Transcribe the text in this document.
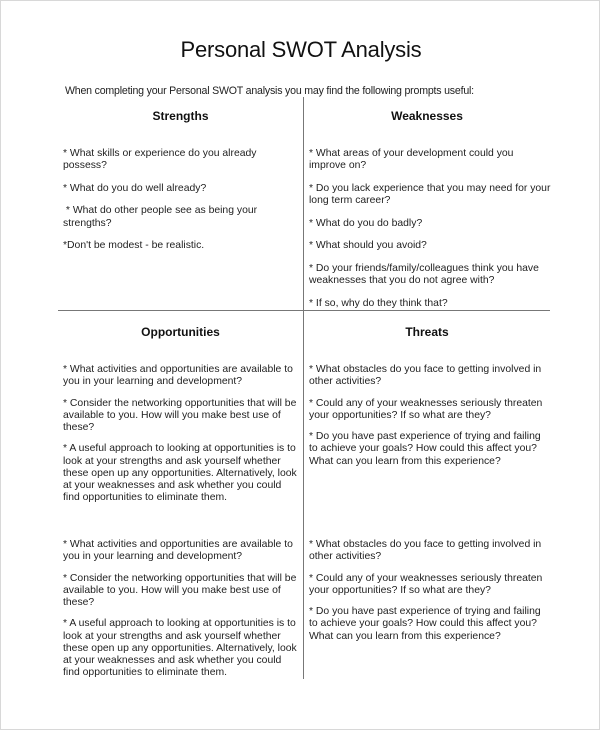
Personal SWOT Analysis
When completing your Personal SWOT analysis you may find the following prompts useful:
Strengths
* What skills or experience do you already possess?
* What do you do well already?
* What do other people see as being your strengths?
*Don't be modest - be realistic.
Weaknesses
* What areas of your development could you improve on?
* Do you lack experience that you may need for your long term career?
* What do you do badly?
* What should you avoid?
* Do your friends/family/colleagues think you have weaknesses that you do not agree with?
* If so, why do they think that?
Opportunities
* What activities and opportunities are available to you in your learning and development?
* Consider the networking opportunities that will be available to you. How will you make best use of these?
* A useful approach to looking at opportunities is to look at your strengths and ask yourself whether these open up any opportunities. Alternatively, look at your weaknesses and ask whether you could find opportunities to eliminate them.
Threats
* What obstacles do you face to getting involved in other activities?
* Could any of your weaknesses seriously threaten your opportunities? If so what are they?
* Do you have past experience of trying and failing to achieve your goals? How could this affect you? What can you learn from this experience?
* What activities and opportunities are available to you in your learning and development?
* Consider the networking opportunities that will be available to you. How will you make best use of these?
* A useful approach to looking at opportunities is to look at your strengths and ask yourself whether these open up any opportunities. Alternatively, look at your weaknesses and ask whether you could find opportunities to eliminate them.
* What obstacles do you face to getting involved in other activities?
* Could any of your weaknesses seriously threaten your opportunities? If so what are they?
* Do you have past experience of trying and failing to achieve your goals? How could this affect you? What can you learn from this experience?
